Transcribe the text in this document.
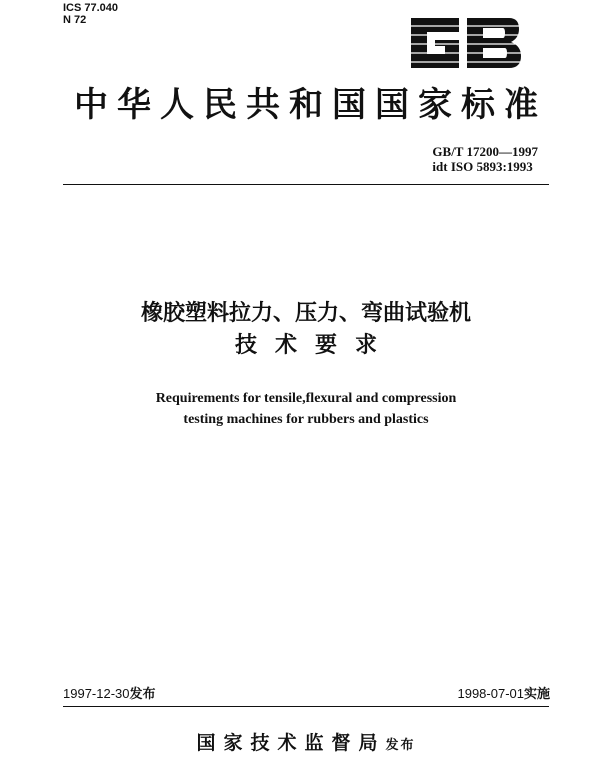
ICS 77.040
N 72
中华人民共和国国家标准
GB/T 17200—1997
idt ISO 5893:1993
橡胶塑料拉力、压力、弯曲试验机
技术要求
Requirements for tensile,flexural and compression
testing machines for rubbers and plastics
1997-12-30发布	1998-07-01实施
国家技术监督局发布
